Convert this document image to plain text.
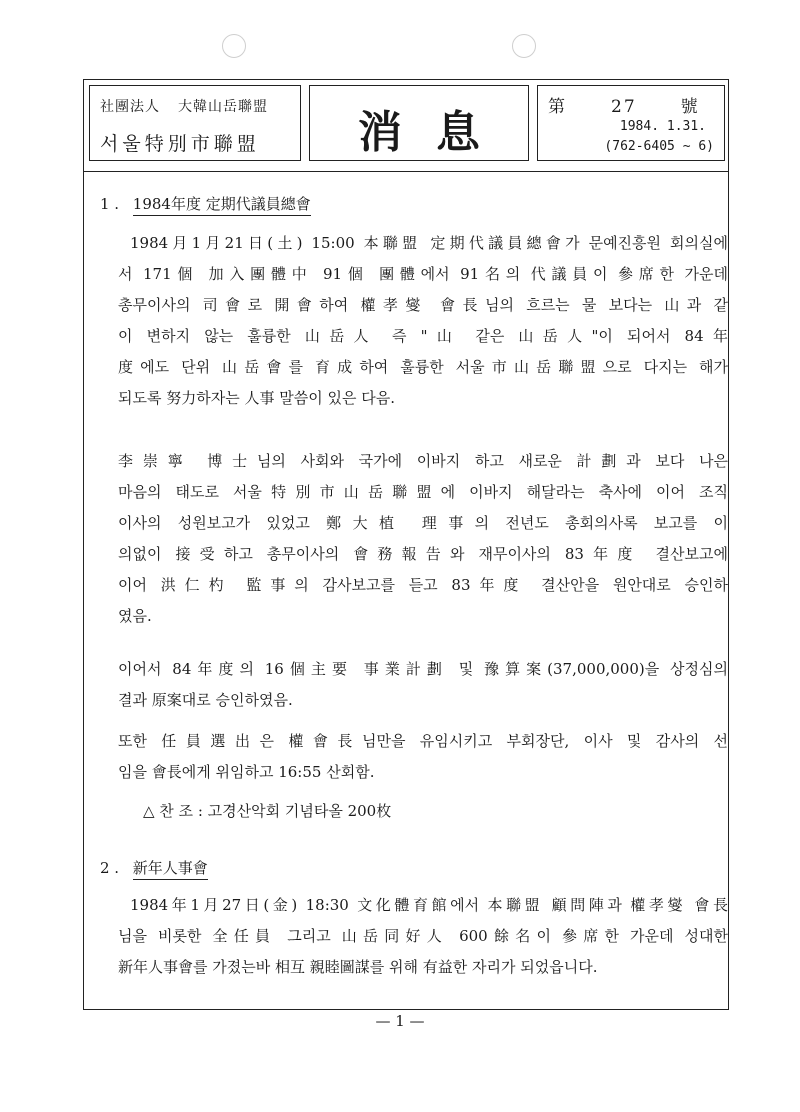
社團法人 大韓山岳聯盟
서울特別市聯盟	消息	第	27	號
1984. 1.31.
(762-6405 ~ 6)
1 . 1984年度 定期代議員總會

1984月1月21日(土) 15:00 本聯盟 定期代議員總會가 문예진흥원 회의실에

서 171個 加入團體中 91個 團體에서 91名의 代議員이 參席한 가운데

총무이사의 司會로 開會하여 權孝燮 會長님의 흐르는 물 보다는 山과 같

이 변하지 않는 훌륭한 山岳人 즉 "山 같은 山岳人"이 되어서 84年

度에도 단위 山岳會를 育成하여 훌륭한 서울市山岳聯盟으로 다지는 해가

되도록 努力하자는 人事 말씀이 있은 다음.

李崇寧 博士님의 사회와 국가에 이바지 하고 새로운 計劃과 보다 나은

마음의 태도로 서울特別市山岳聯盟에 이바지 해달라는 축사에 이어 조직

이사의 성원보고가 있었고 鄭大植 理事의 전년도 총회의사록 보고를 이

의없이 接受하고 총무이사의 會務報告와 재무이사의 83年度 결산보고에

이어 洪仁杓 監事의 감사보고를 듣고 83年度 결산안을 원안대로 승인하

였음.

이어서 84年度의 16個主要 事業計劃 및 豫算案(37,000,000)을 상정심의

결과 原案대로 승인하였음.

또한 任員選出은 權會長님만을 유임시키고 부회장단, 이사 및 감사의 선

임을 會長에게 위임하고 16:55 산회함.

△ 찬 조 : 고경산악회 기념타올 200枚
2 . 新年人事會

1984年1月27日(金) 18:30 文化體育館에서 本聯盟 顧問陣과 權孝燮 會長

님을 비롯한 全任員 그리고 山岳同好人 600餘名이 參席한 가운데 성대한

新年人事會를 가졌는바 相互 親睦圖謀를 위해 有益한 자리가 되었읍니다.

— 1 —
